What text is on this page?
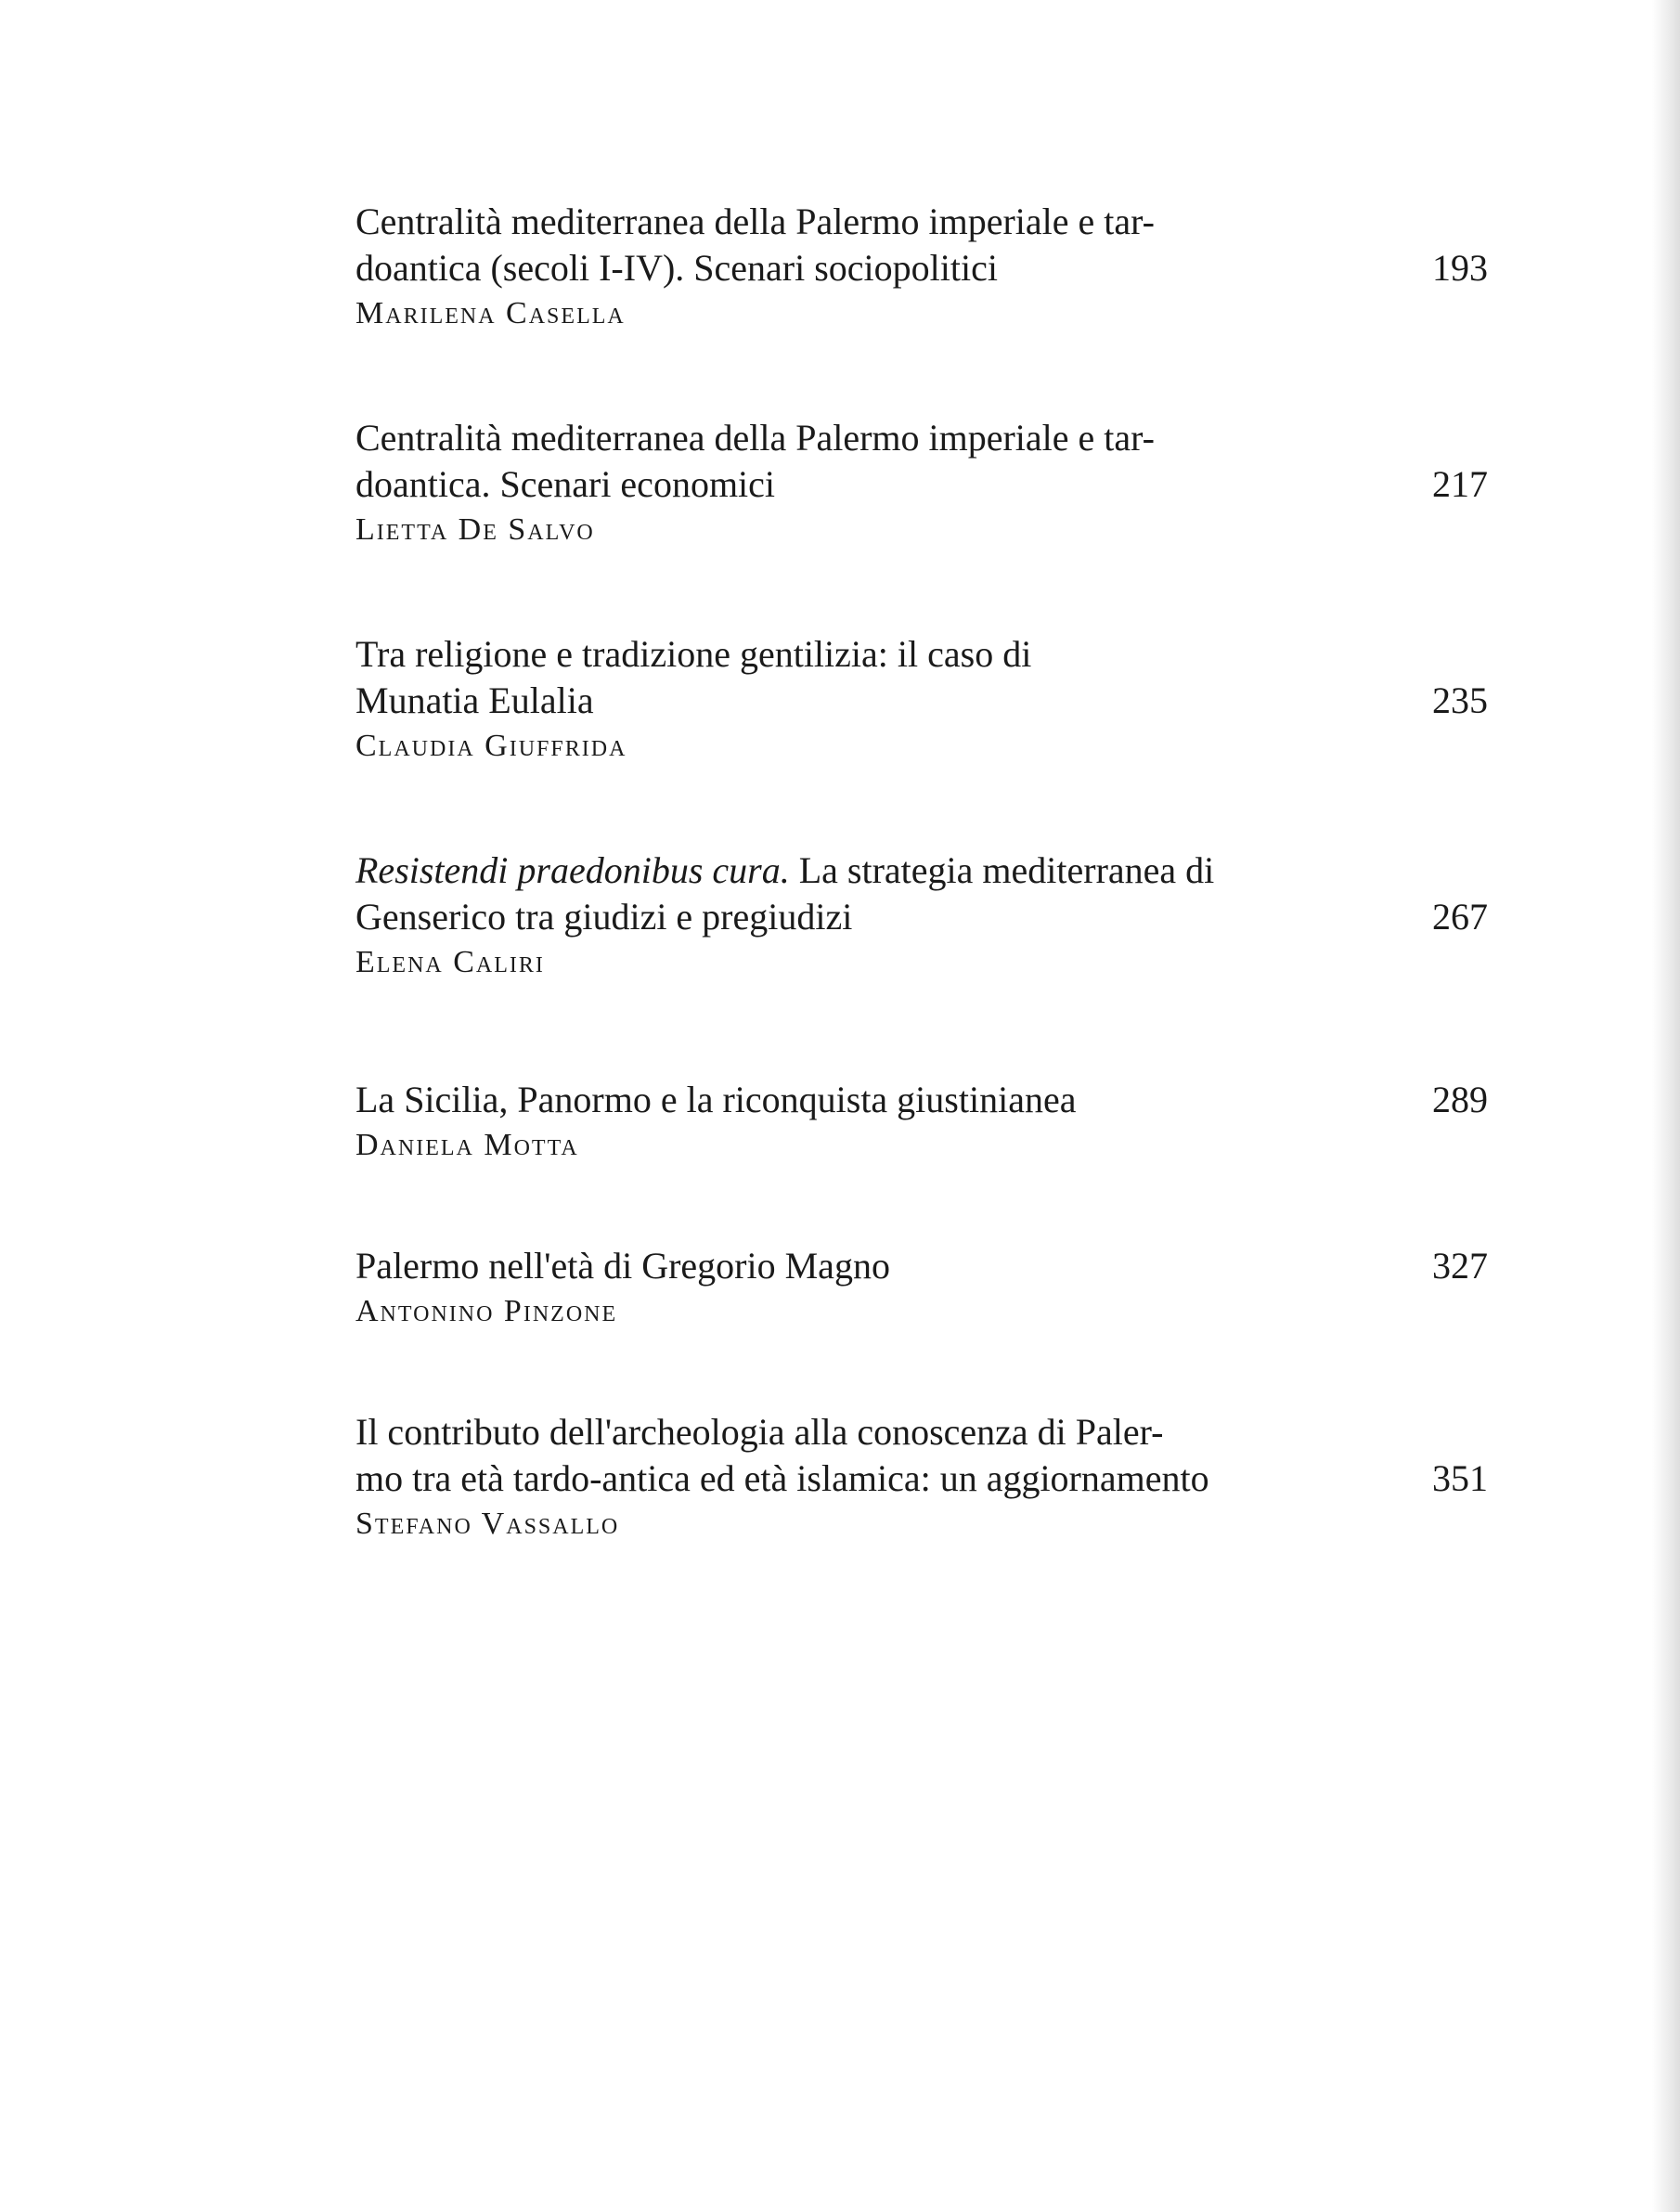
Centralità mediterranea della Palermo imperiale e tar-
doantica (secoli I-IV). Scenari sociopolitici	193
Marilena Casella
Centralità mediterranea della Palermo imperiale e tar-
doantica. Scenari economici	217
Lietta De Salvo
Tra religione e tradizione gentilizia: il caso di
Munatia Eulalia	235
Claudia Giuffrida
Resistendi praedonibus cura. La strategia mediterranea di
Genserico tra giudizi e pregiudizi	267
Elena Caliri
La Sicilia, Panormo e la riconquista giustinianea	289
Daniela Motta
Palermo nell'età di Gregorio Magno	327
Antonino Pinzone
Il contributo dell'archeologia alla conoscenza di Paler-
mo tra età tardo-antica ed età islamica: un aggiornamento	351
Stefano Vassallo
